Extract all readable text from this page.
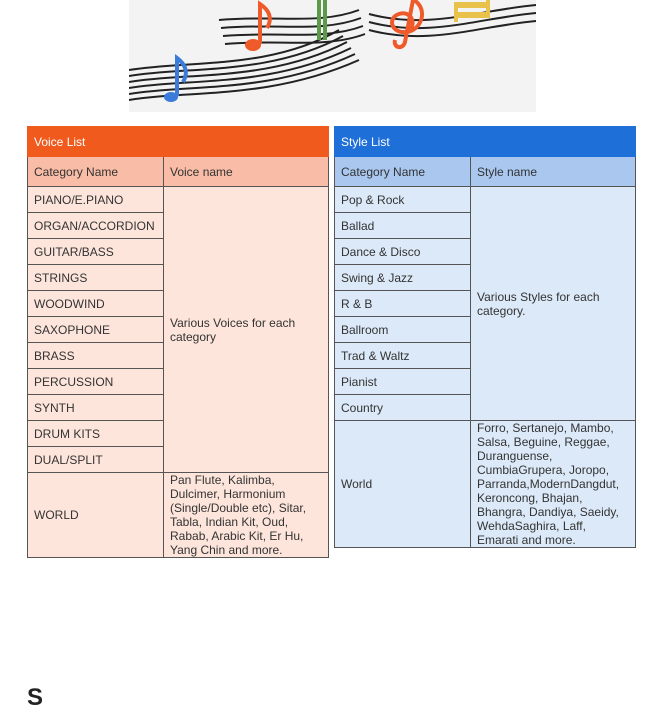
Voice List	
Category Name	Voice name
PIANO/E.PIANO	Various Voices for each category
ORGAN/ACCORDION	
GUITAR/BASS	
STRINGS	
WOODWIND	
SAXOPHONE	
BRASS	
PERCUSSION	
SYNTH	
DRUM KITS	
DUAL/SPLIT	
WORLD	Pan Flute, Kalimba, Dulcimer, Harmonium (Single/Double etc), Sitar, Tabla, Indian Kit, Oud, Rabab, Arabic Kit, Er Hu, Yang Chin and more.
Style List	
Category Name	Style name
Pop & Rock	Various Styles for each category.
Ballad	
Dance & Disco	
Swing & Jazz	
R & B	
Ballroom	
Trad & Waltz	
Pianist	
Country	
World	Forro, Sertanejo, Mambo, Salsa, Beguine, Reggae, Duranguense, CumbiaGrupera, Joropo, Parranda,ModernDangdut, Keroncong, Bhajan, Bhangra, Dandiya, Saeidy, WehdaSaghira, Laff, Emarati and more.
S
